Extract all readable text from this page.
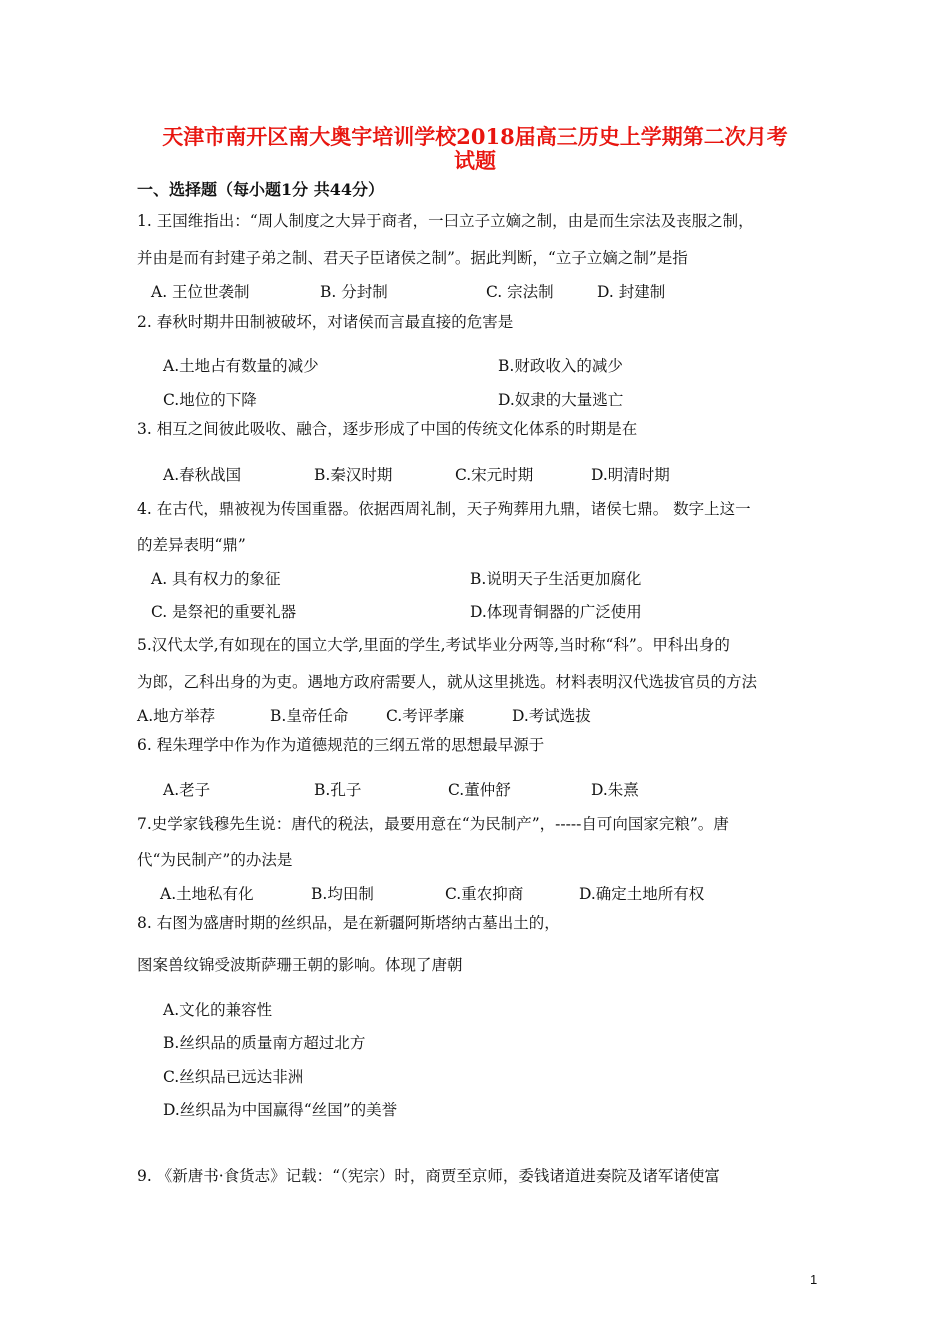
天津市南开区南大奥宇培训学校2018届高三历史上学期第二次月考
试题
一、选择题（每小题1分 共44分）
1. 王国维指出：“周人制度之大异于商者，一曰立子立嫡之制，由是而生宗法及丧服之制，
并由是而有封建子弟之制、君天子臣诸侯之制”。据此判断，“立子立嫡之制”是指
A. 王位世袭制	B. 分封制	C. 宗法制	D. 封建制
2. 春秋时期井田制被破坏，对诸侯而言最直接的危害是
A.土地占有数量的减少	B.财政收入的减少
C.地位的下降	D.奴隶的大量逃亡
3. 相互之间彼此吸收、融合，逐步形成了中国的传统文化体系的时期是在
A.春秋战国	B.秦汉时期	C.宋元时期	D.明清时期
4. 在古代，鼎被视为传国重器。依据西周礼制，天子殉葬用九鼎，诸侯七鼎。 数字上这一
的差异表明“鼎”
A. 具有权力的象征	B.说明天子生活更加腐化
C. 是祭祀的重要礼器	D.体现青铜器的广泛使用
5.汉代太学,有如现在的国立大学,里面的学生,考试毕业分两等,当时称“科”。甲科出身的
为郎，乙科出身的为吏。遇地方政府需要人，就从这里挑选。材料表明汉代选拔官员的方法
A.地方举荐	B.皇帝任命 C.考评孝廉	D.考试选拔
6. 程朱理学中作为作为道德规范的三纲五常的思想最早源于
A.老子	B.孔子	C.董仲舒	D.朱熹
7.史学家钱穆先生说：唐代的税法，最要用意在“为民制产”，-----自可向国家完粮”。唐
代“为民制产”的办法是
A.土地私有化	B.均田制	C.重农抑商	D.确定土地所有权
8. 右图为盛唐时期的丝织品，是在新疆阿斯塔纳古墓出土的，
图案兽纹锦受波斯萨珊王朝的影响。体现了唐朝
A.文化的兼容性
B.丝织品的质量南方超过北方
C.丝织品已远达非洲
D.丝织品为中国赢得“丝国”的美誉
9. 《新唐书·食货志》记载：“（宪宗）时，商贾至京师，委钱诸道进奏院及诸军诸使富
1
